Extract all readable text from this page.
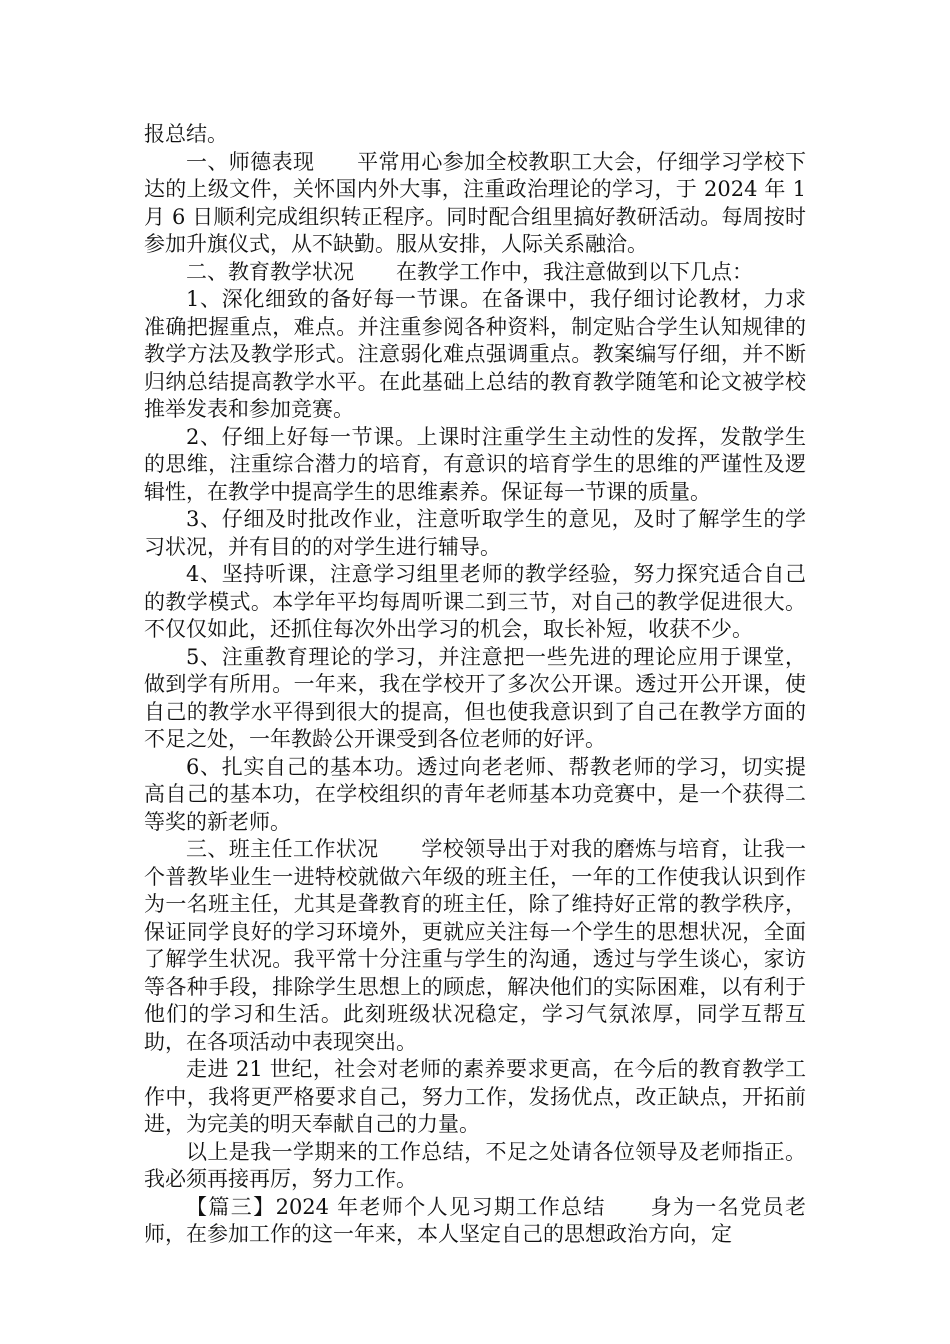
报总结。

一、师德表现　　平常用心参加全校教职工大会，仔细学习学校下达的上级文件，关怀国内外大事，注重政治理论的学习，于 2024 年 1 月 6 日顺利完成组织转正程序。同时配合组里搞好教研活动。每周按时参加升旗仪式，从不缺勤。服从安排，人际关系融洽。

二、教育教学状况　　在教学工作中，我注意做到以下几点：

1、深化细致的备好每一节课。在备课中，我仔细讨论教材，力求准确把握重点，难点。并注重参阅各种资料，制定贴合学生认知规律的教学方法及教学形式。注意弱化难点强调重点。教案编写仔细，并不断归纳总结提高教学水平。在此基础上总结的教育教学随笔和论文被学校推举发表和参加竞赛。

2、仔细上好每一节课。上课时注重学生主动性的发挥，发散学生的思维，注重综合潜力的培育，有意识的培育学生的思维的严谨性及逻辑性，在教学中提高学生的思维素养。保证每一节课的质量。

3、仔细及时批改作业，注意听取学生的意见，及时了解学生的学习状况，并有目的的对学生进行辅导。

4、坚持听课，注意学习组里老师的教学经验，努力探究适合自己的教学模式。本学年平均每周听课二到三节，对自己的教学促进很大。不仅仅如此，还抓住每次外出学习的机会，取长补短，收获不少。

5、注重教育理论的学习，并注意把一些先进的理论应用于课堂，做到学有所用。一年来，我在学校开了多次公开课。透过开公开课，使自己的教学水平得到很大的提高，但也使我意识到了自己在教学方面的不足之处，一年教龄公开课受到各位老师的好评。

6、扎实自己的基本功。透过向老老师、帮教老师的学习，切实提高自己的基本功，在学校组织的青年老师基本功竞赛中，是一个获得二等奖的新老师。

三、班主任工作状况　　学校领导出于对我的磨炼与培育，让我一个普教毕业生一进特校就做六年级的班主任，一年的工作使我认识到作为一名班主任，尤其是聋教育的班主任，除了维持好正常的教学秩序，保证同学良好的学习环境外，更就应关注每一个学生的思想状况，全面了解学生状况。我平常十分注重与学生的沟通，透过与学生谈心，家访等各种手段，排除学生思想上的顾虑，解决他们的实际困难，以有利于他们的学习和生活。此刻班级状况稳定，学习气氛浓厚，同学互帮互助，在各项活动中表现突出。

走进 21 世纪，社会对老师的素养要求更高，在今后的教育教学工作中，我将更严格要求自己，努力工作，发扬优点，改正缺点，开拓前进，为完美的明天奉献自己的力量。

以上是我一学期来的工作总结，不足之处请各位领导及老师指正。我必须再接再厉，努力工作。

【篇三】2024 年老师个人见习期工作总结　　身为一名党员老师，在参加工作的这一年来，本人坚定自己的思想政治方向，定
